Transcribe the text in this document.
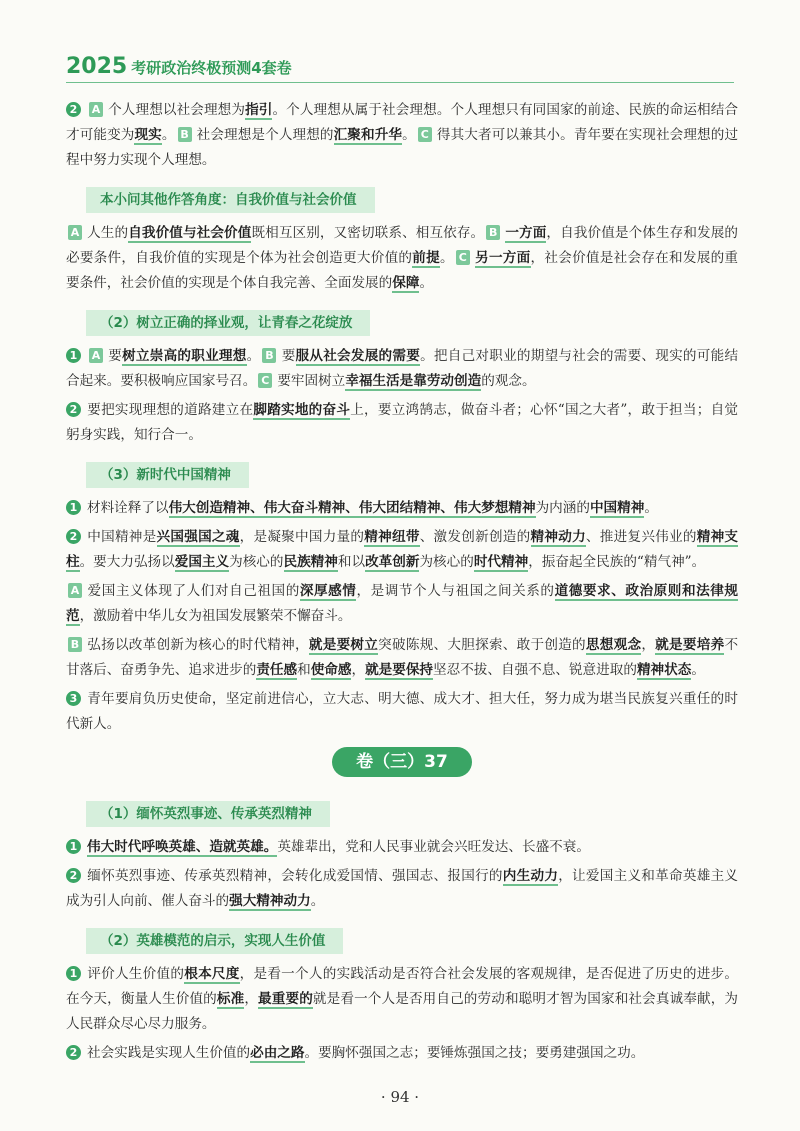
2025 考研政治终极预测4套卷

2 A 个人理想以社会理想为指引。个人理想从属于社会理想。个人理想只有同国家的前途、民族的命运相结合才可能变为现实。 B 社会理想是个人理想的汇聚和升华。 C 得其大者可以兼其小。青年要在实现社会理想的过程中努力实现个人理想。

本小问其他作答角度：自我价值与社会价值

A 人生的自我价值与社会价值既相互区别，又密切联系、相互依存。 B 一方面，自我价值是个体生存和发展的必要条件，自我价值的实现是个体为社会创造更大价值的前提。 C 另一方面，社会价值是社会存在和发展的重要条件，社会价值的实现是个体自我完善、全面发展的保障。

（2）树立正确的择业观，让青春之花绽放

1 A 要树立崇高的职业理想。 B 要服从社会发展的需要。把自己对职业的期望与社会的需要、现实的可能结合起来。要积极响应国家号召。 C 要牢固树立幸福生活是靠劳动创造的观念。

2 要把实现理想的道路建立在脚踏实地的奋斗上，要立鸿鹄志，做奋斗者；心怀“国之大者”，敢于担当；自觉躬身实践，知行合一。

（3）新时代中国精神

1 材料诠释了以伟大创造精神、伟大奋斗精神、伟大团结精神、伟大梦想精神为内涵的中国精神。

2 中国精神是兴国强国之魂，是凝聚中国力量的精神纽带、激发创新创造的精神动力、推进复兴伟业的精神支柱。要大力弘扬以爱国主义为核心的民族精神和以改革创新为核心的时代精神，振奋起全民族的“精气神”。

A 爱国主义体现了人们对自己祖国的深厚感情，是调节个人与祖国之间关系的道德要求、政治原则和法律规范，激励着中华儿女为祖国发展繁荣不懈奋斗。

B 弘扬以改革创新为核心的时代精神，就是要树立突破陈规、大胆探索、敢于创造的思想观念，就是要培养不甘落后、奋勇争先、追求进步的责任感和使命感，就是要保持坚忍不拔、自强不息、锐意进取的精神状态。

3 青年要肩负历史使命，坚定前进信心，立大志、明大德、成大才、担大任，努力成为堪当民族复兴重任的时代新人。

卷（三）37
（1）缅怀英烈事迹、传承英烈精神

1 伟大时代呼唤英雄、造就英雄。英雄辈出，党和人民事业就会兴旺发达、长盛不衰。

2 缅怀英烈事迹、传承英烈精神，会转化成爱国情、强国志、报国行的内生动力，让爱国主义和革命英雄主义成为引人向前、催人奋斗的强大精神动力。

（2）英雄模范的启示，实现人生价值

1 评价人生价值的根本尺度，是看一个人的实践活动是否符合社会发展的客观规律，是否促进了历史的进步。在今天，衡量人生价值的标准，最重要的就是看一个人是否用自己的劳动和聪明才智为国家和社会真诚奉献，为人民群众尽心尽力服务。

2 社会实践是实现人生价值的必由之路。要胸怀强国之志；要锤炼强国之技；要勇建强国之功。

· 94 ·
